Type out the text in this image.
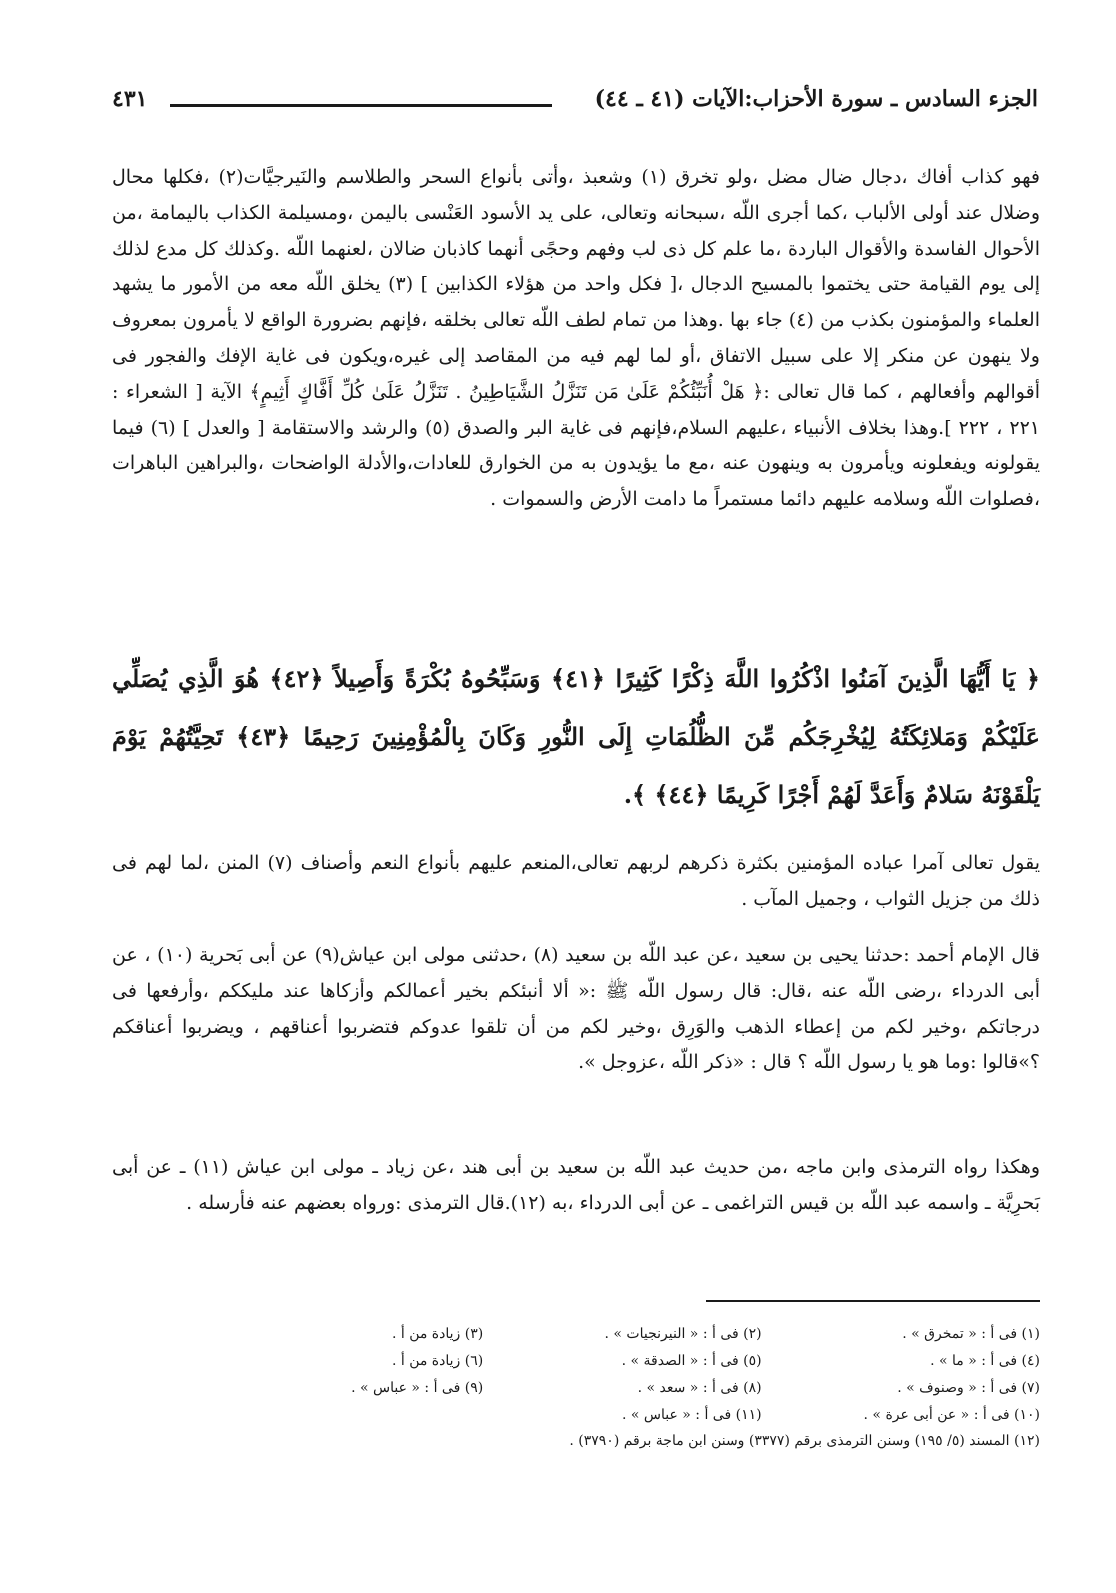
الجزء السادس ـ سورة الأحزاب:الآيات (٤١ ـ ٤٤)
٤٣١
فهو كذاب أفاك ،دجال ضال مضل ،ولو تخرق (١) وشعبذ ،وأتى بأنواع السحر والطلاسم والنَيرجيَّات(٢) ،فكلها محال وضلال عند أولى الألباب ،كما أجرى اللّه ،سبحانه وتعالى، على يد الأسود العَنْسى باليمن ،ومسيلمة الكذاب باليمامة ،من الأحوال الفاسدة والأقوال الباردة ،ما علم كل ذى لب وفهم وحجًى أنهما كاذبان ضالان ،لعنهما اللّه .وكذلك كل مدع لذلك إلى يوم القيامة حتى يختموا بالمسيح الدجال ،[ فكل واحد من هؤلاء الكذابين ] (٣) يخلق اللّه معه من الأمور ما يشهد العلماء والمؤمنون بكذب من (٤) جاء بها .وهذا من تمام لطف اللّه تعالى بخلقه ،فإنهم بضرورة الواقع لا يأمرون بمعروف ولا ينهون عن منكر إلا على سبيل الاتفاق ،أو لما لهم فيه من المقاصد إلى غيره،ويكون فى غاية الإفك والفجور فى أقوالهم وأفعالهم ، كما قال تعالى :﴿ هَلْ أُنَبِّئُكُمْ عَلَىٰ مَن تَنَزَّلُ الشَّيَاطِينُ . تَنَزَّلُ عَلَىٰ كُلِّ أَفَّاكٍ أَثِيمٍ﴾ الآية [ الشعراء : ٢٢١ ، ٢٢٢ ].وهذا بخلاف الأنبياء ،عليهم السلام،فإنهم فى غاية البر والصدق (٥) والرشد والاستقامة [ والعدل ] (٦) فيما يقولونه ويفعلونه ويأمرون به وينهون عنه ،مع ما يؤيدون به من الخوارق للعادات،والأدلة الواضحات ،والبراهين الباهرات ،فصلوات اللّه وسلامه عليهم دائما مستمراً ما دامت الأرض والسموات .
﴿ يَا أَيُّهَا الَّذِينَ آمَنُوا اذْكُرُوا اللَّهَ ذِكْرًا كَثِيرًا ﴿٤١﴾ وَسَبِّحُوهُ بُكْرَةً وَأَصِيلاً ﴿٤٢﴾ هُوَ الَّذِي يُصَلِّي عَلَيْكُمْ وَمَلائِكَتُهُ لِيُخْرِجَكُم مِّنَ الظُّلُمَاتِ إِلَى النُّورِ وَكَانَ بِالْمُؤْمِنِينَ رَحِيمًا ﴿٤٣﴾ تَحِيَّتُهُمْ يَوْمَ يَلْقَوْنَهُ سَلامٌ وَأَعَدَّ لَهُمْ أَجْرًا كَرِيمًا ﴿٤٤﴾ ﴾.
يقول تعالى آمرا عباده المؤمنين بكثرة ذكرهم لربهم تعالى،المنعم عليهم بأنواع النعم وأصناف (٧) المنن ،لما لهم فى ذلك من جزيل الثواب ، وجميل المآب .
قال الإمام أحمد :حدثنا يحيى بن سعيد ،عن عبد اللّه بن سعيد (٨) ،حدثنى مولى ابن عياش(٩) عن أبى بَحرية (١٠) ، عن أبى الدرداء ،رضى اللّه عنه ،قال: قال رسول اللّه ﷺ :« ألا أنبئكم بخير أعمالكم وأزكاها عند مليككم ،وأرفعها فى درجاتكم ،وخير لكم من إعطاء الذهب والوَرِق ،وخير لكم من أن تلقوا عدوكم فتضربوا أعناقهم ، ويضربوا أعناقكم ؟»قالوا :وما هو يا رسول اللّه ؟ قال : «ذكر اللّه ،عزوجل ».
وهكذا رواه الترمذى وابن ماجه ،من حديث عبد اللّه بن سعيد بن أبى هند ،عن زياد ـ مولى ابن عياش (١١) ـ عن أبى بَحرِيَّة ـ واسمه عبد اللّه بن قيس التراغمى ـ عن أبى الدرداء ،به (١٢).قال الترمذى :ورواه بعضهم عنه فأرسله .
(١) فى أ : « تمخرق » .
(٢) فى أ : « النيرنجيات » .
(٣) زيادة من أ .
(٤) فى أ : « ما » .
(٥) فى أ : « الصدقة » .
(٦) زيادة من أ .
(٧) فى أ : « وصنوف » .
(٨) فى أ : « سعد » .
(٩) فى أ : « عباس » .
(١٠) فى أ : « عن أبى عرة » .
(١١) فى أ : « عباس » .
(١٢) المسند (٥/ ١٩٥) وسنن الترمذى برقم (٣٣٧٧) وسنن ابن ماجة برقم (٣٧٩٠) .
